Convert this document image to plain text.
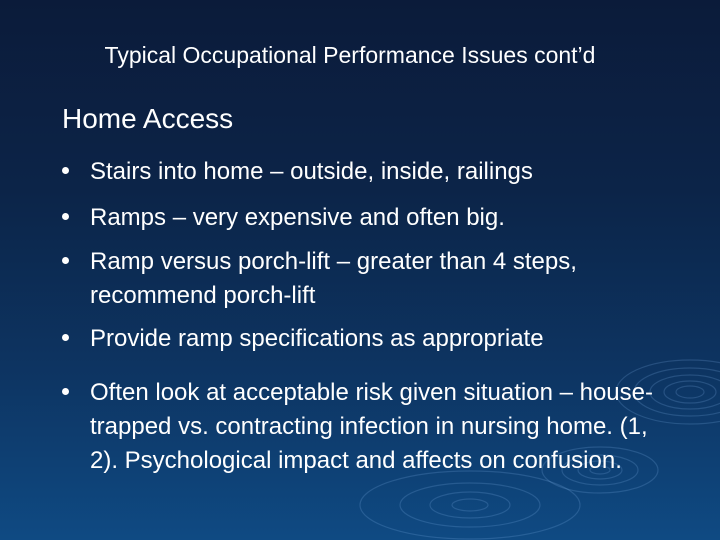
Typical Occupational Performance Issues cont’d
Home Access
Stairs into home – outside, inside, railings
Ramps – very expensive and often big.
Ramp versus porch-lift – greater than 4 steps, recommend porch-lift
Provide ramp specifications as appropriate
Often look at acceptable risk given situation – house-trapped vs. contracting infection in nursing home. (1, 2). Psychological impact and affects on confusion.
